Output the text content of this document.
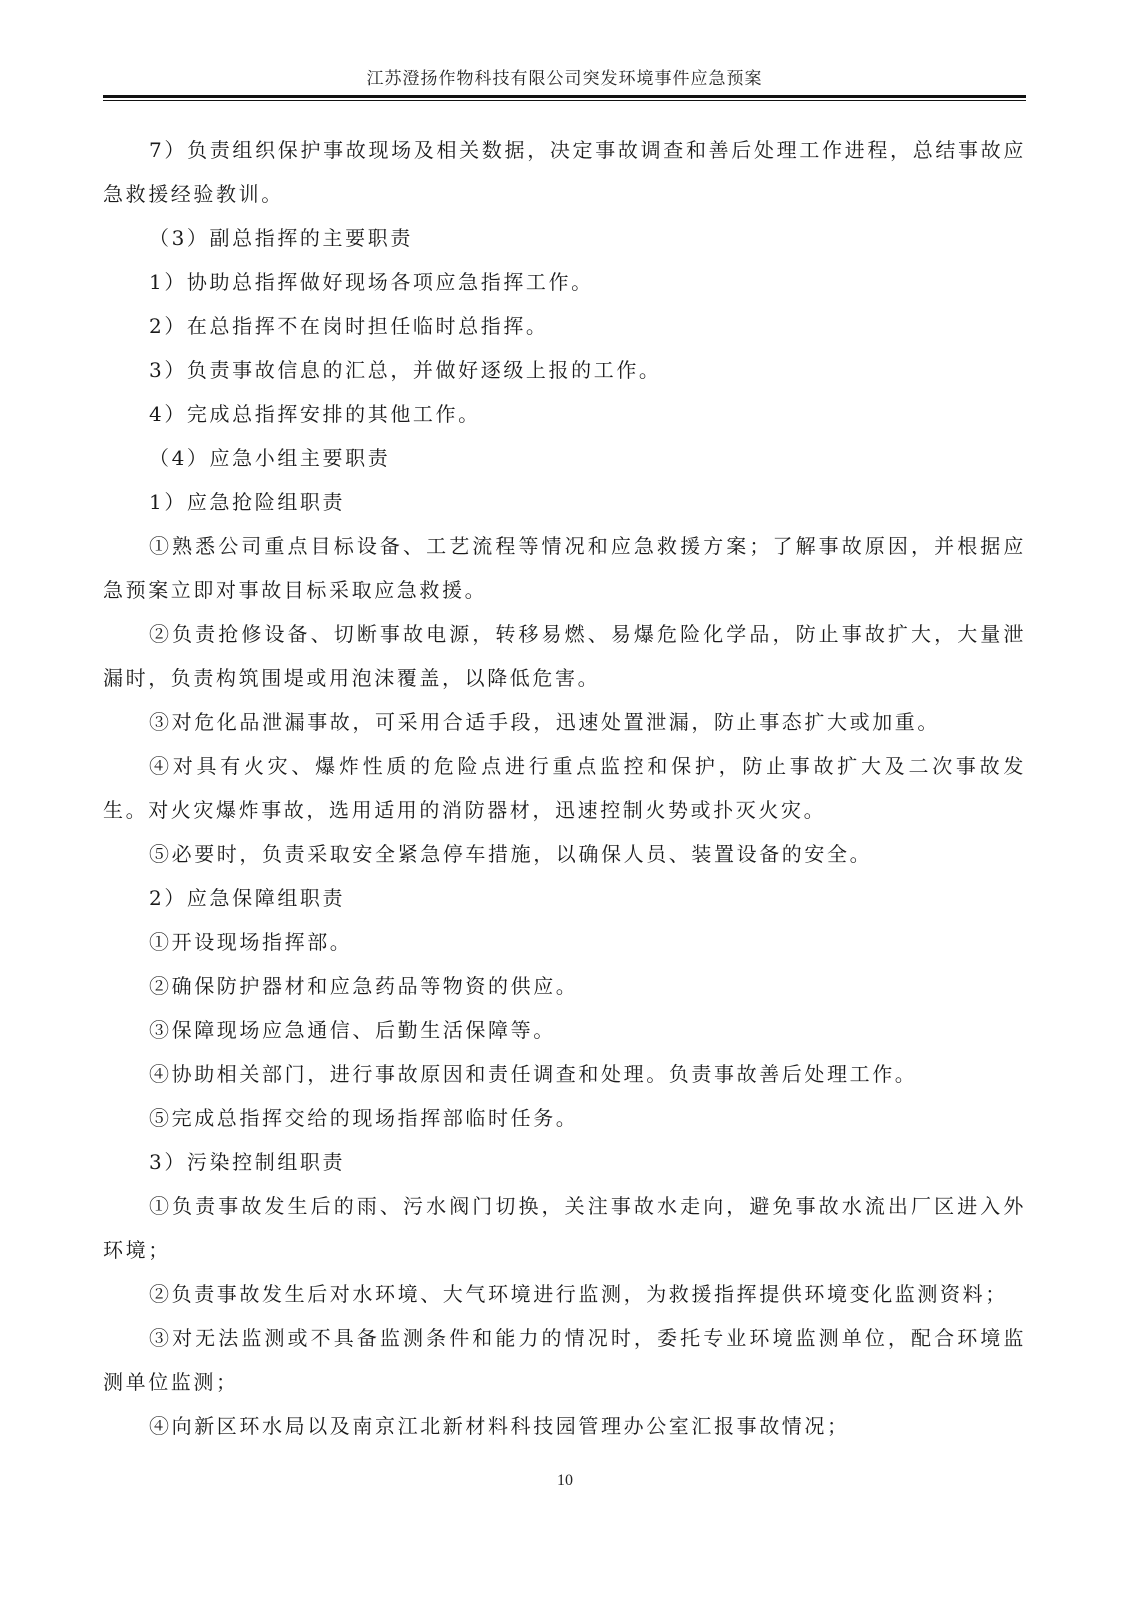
江苏澄扬作物科技有限公司突发环境事件应急预案

7）负责组织保护事故现场及相关数据，决定事故调查和善后处理工作进程，总结事故应急救援经验教训。

（3）副总指挥的主要职责

1）协助总指挥做好现场各项应急指挥工作。

2）在总指挥不在岗时担任临时总指挥。

3）负责事故信息的汇总，并做好逐级上报的工作。

4）完成总指挥安排的其他工作。

（4）应急小组主要职责

1）应急抢险组职责

①熟悉公司重点目标设备、工艺流程等情况和应急救援方案；了解事故原因，并根据应急预案立即对事故目标采取应急救援。

②负责抢修设备、切断事故电源，转移易燃、易爆危险化学品，防止事故扩大，大量泄漏时，负责构筑围堤或用泡沫覆盖，以降低危害。

③对危化品泄漏事故，可采用合适手段，迅速处置泄漏，防止事态扩大或加重。

④对具有火灾、爆炸性质的危险点进行重点监控和保护，防止事故扩大及二次事故发生。对火灾爆炸事故，选用适用的消防器材，迅速控制火势或扑灭火灾。

⑤必要时，负责采取安全紧急停车措施，以确保人员、装置设备的安全。

2）应急保障组职责

①开设现场指挥部。

②确保防护器材和应急药品等物资的供应。

③保障现场应急通信、后勤生活保障等。

④协助相关部门，进行事故原因和责任调查和处理。负责事故善后处理工作。

⑤完成总指挥交给的现场指挥部临时任务。

3）污染控制组职责

①负责事故发生后的雨、污水阀门切换，关注事故水走向，避免事故水流出厂区进入外环境；

②负责事故发生后对水环境、大气环境进行监测，为救援指挥提供环境变化监测资料；

③对无法监测或不具备监测条件和能力的情况时，委托专业环境监测单位，配合环境监测单位监测；

④向新区环水局以及南京江北新材料科技园管理办公室汇报事故情况；

10
